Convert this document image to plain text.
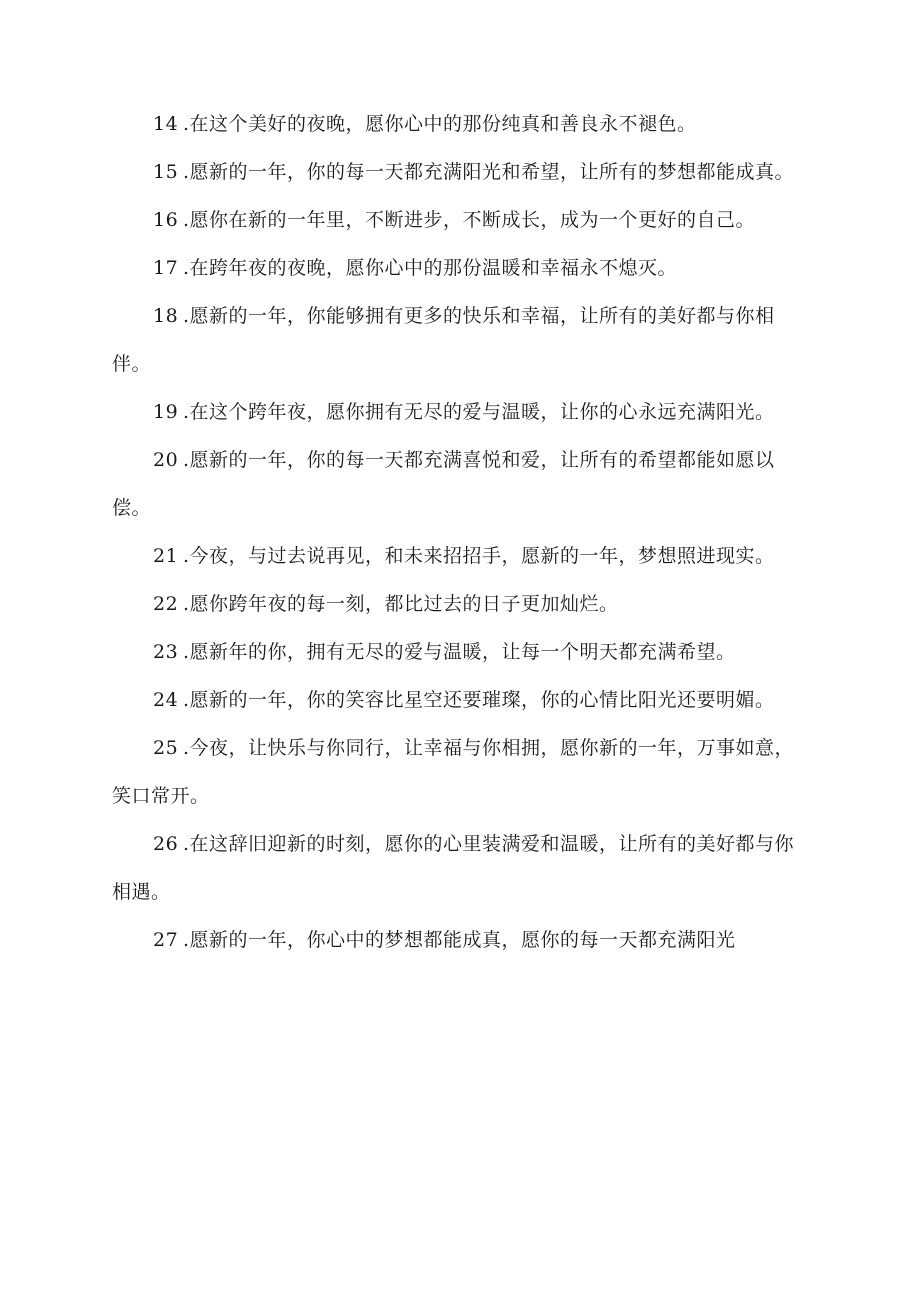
14 .在这个美好的夜晚，愿你心中的那份纯真和善良永不褪色。

15 .愿新的一年，你的每一天都充满阳光和希望，让所有的梦想都能成真。

16 .愿你在新的一年里，不断进步，不断成长，成为一个更好的自己。

17 .在跨年夜的夜晚，愿你心中的那份温暖和幸福永不熄灭。

18 .愿新的一年，你能够拥有更多的快乐和幸福，让所有的美好都与你相伴。

19 .在这个跨年夜，愿你拥有无尽的爱与温暖，让你的心永远充满阳光。

20 .愿新的一年，你的每一天都充满喜悦和爱，让所有的希望都能如愿以偿。

21 .今夜，与过去说再见，和未来招招手，愿新的一年，梦想照进现实。

22 .愿你跨年夜的每一刻，都比过去的日子更加灿烂。

23 .愿新年的你，拥有无尽的爱与温暖，让每一个明天都充满希望。

24 .愿新的一年，你的笑容比星空还要璀璨，你的心情比阳光还要明媚。

25 .今夜，让快乐与你同行，让幸福与你相拥，愿你新的一年，万事如意，笑口常开。

26 .在这辞旧迎新的时刻，愿你的心里装满爱和温暖，让所有的美好都与你相遇。

27 .愿新的一年，你心中的梦想都能成真，愿你的每一天都充满阳光
